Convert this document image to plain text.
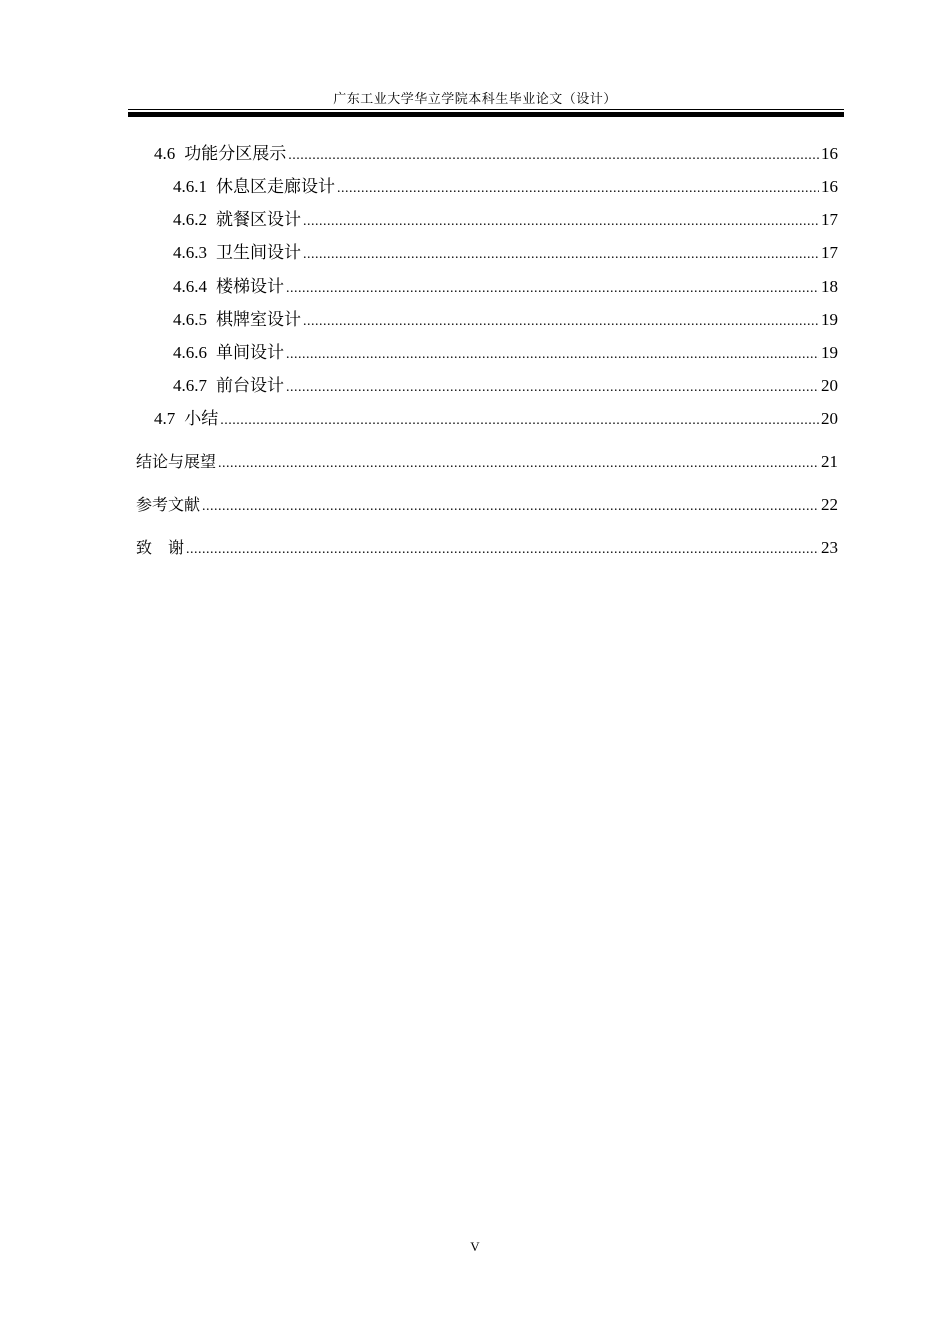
广东工业大学华立学院本科生毕业论文（设计）
4.6 功能分区展示 .....	16
4.6.1 休息区走廊设计 .....	16
4.6.2 就餐区设计 .....	17
4.6.3 卫生间设计 .....	17
4.6.4 楼梯设计 .....	18
4.6.5 棋牌室设计 .....	19
4.6.6 单间设计 .....	19
4.6.7 前台设计 .....	20
4.7 小结 .....	20
结论与展望 .....	21
参考文献 .....	22
致　谢 .....	23
V
